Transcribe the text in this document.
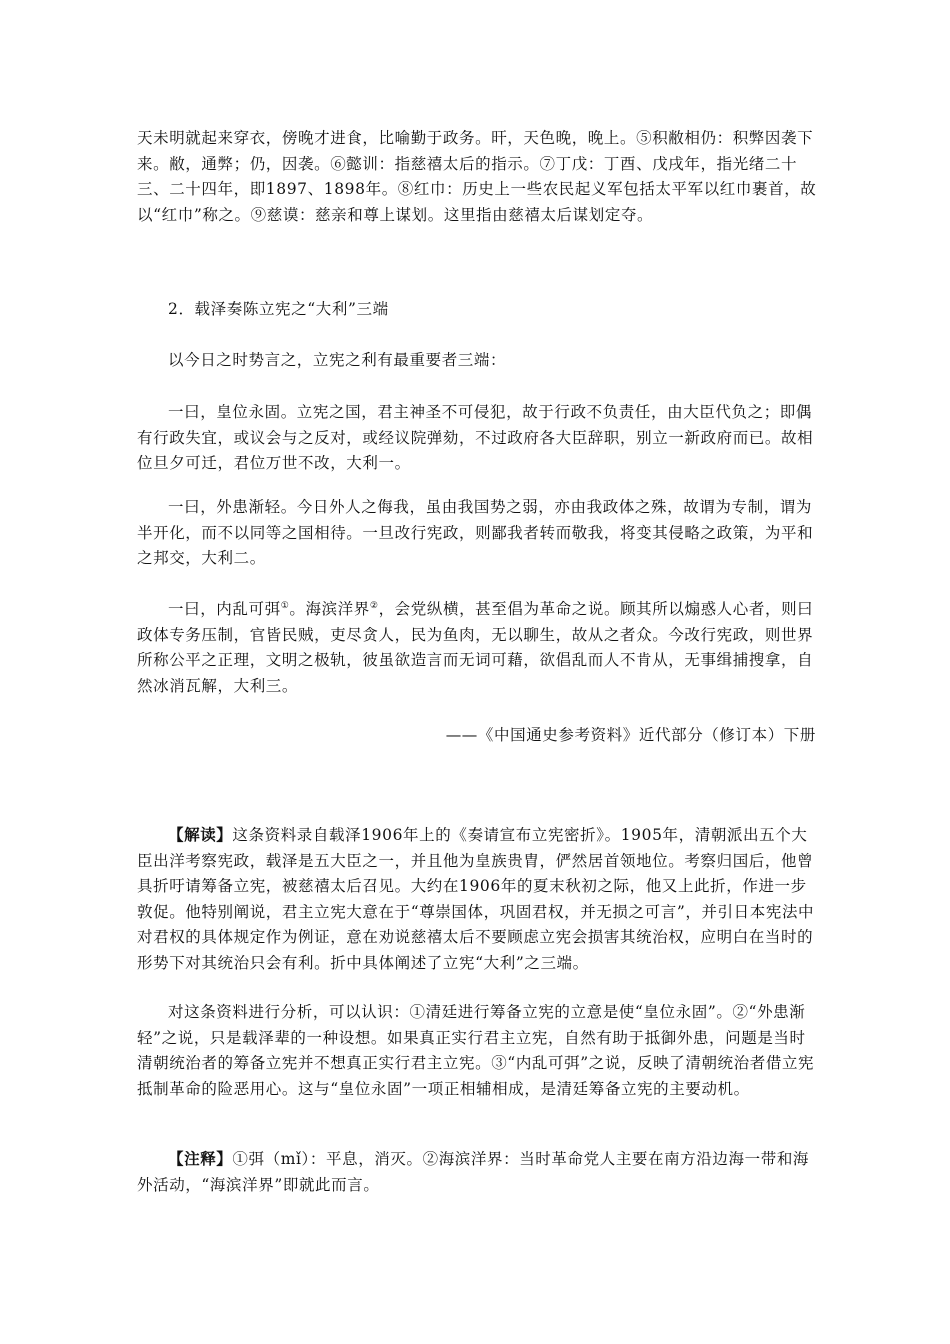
天未明就起来穿衣，傍晚才进食，比喻勤于政务。旰，天色晚，晚上。⑤积敝相仍：积弊因袭下来。敝，通弊；仍，因袭。⑥懿训：指慈禧太后的指示。⑦丁戊：丁酉、戊戌年，指光绪二十三、二十四年，即1897、1898年。⑧红巾：历史上一些农民起义军包括太平军以红巾裹首，故以“红巾”称之。⑨慈谟：慈亲和尊上谋划。这里指由慈禧太后谋划定夺。

2．载泽奏陈立宪之“大利”三端

以今日之时势言之，立宪之利有最重要者三端：

一曰，皇位永固。立宪之国，君主神圣不可侵犯，故于行政不负责任，由大臣代负之；即偶有行政失宜，或议会与之反对，或经议院弹劾，不过政府各大臣辞职，别立一新政府而已。故相位旦夕可迁，君位万世不改，大利一。

一曰，外患渐轻。今日外人之侮我，虽由我国势之弱，亦由我政体之殊，故谓为专制，谓为半开化，而不以同等之国相待。一旦改行宪政，则鄙我者转而敬我，将变其侵略之政策，为平和之邦交，大利二。

一曰，内乱可弭①。海滨洋界②，会党纵横，甚至倡为革命之说。顾其所以煽惑人心者，则曰政体专务压制，官皆民贼，吏尽贪人，民为鱼肉，无以聊生，故从之者众。今改行宪政，则世界所称公平之正理，文明之极轨，彼虽欲造言而无词可藉，欲倡乱而人不肯从，无事缉捕搜拿，自然冰消瓦解，大利三。

——《中国通史参考资料》近代部分（修订本）下册

【解读】这条资料录自载泽1906年上的《奏请宣布立宪密折》。1905年，清朝派出五个大臣出洋考察宪政，载泽是五大臣之一，并且他为皇族贵胄，俨然居首领地位。考察归国后，他曾具折吁请筹备立宪，被慈禧太后召见。大约在1906年的夏末秋初之际，他又上此折，作进一步敦促。他特别阐说，君主立宪大意在于“尊崇国体，巩固君权，并无损之可言”，并引日本宪法中对君权的具体规定作为例证，意在劝说慈禧太后不要顾虑立宪会损害其统治权，应明白在当时的形势下对其统治只会有利。折中具体阐述了立宪“大利”之三端。

对这条资料进行分析，可以认识：①清廷进行筹备立宪的立意是使“皇位永固”。②“外患渐轻”之说，只是载泽辈的一种设想。如果真正实行君主立宪，自然有助于抵御外患，问题是当时清朝统治者的筹备立宪并不想真正实行君主立宪。③“内乱可弭”之说，反映了清朝统治者借立宪抵制革命的险恶用心。这与“皇位永固”一项正相辅相成，是清廷筹备立宪的主要动机。

【注释】①弭（mǐ）：平息，消灭。②海滨洋界：当时革命党人主要在南方沿边海一带和海外活动，“海滨洋界”即就此而言。
